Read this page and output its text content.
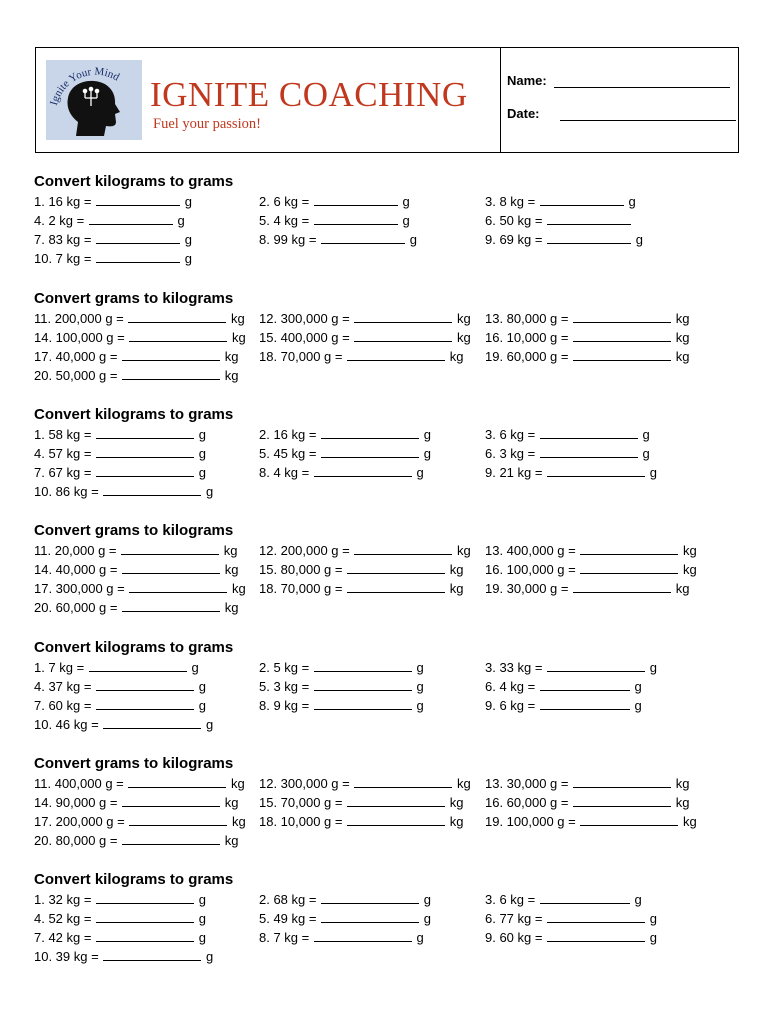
Ignite Your Mind IGNITE COACHING
Fuel your passion!
Name:
Date:
Convert kilograms to grams
1. 16 kg =	g	2. 6 kg =	g	3. 8 kg =	g
4. 2 kg =	g	5. 4 kg =	g	6. 50 kg =
7. 83 kg =	g	8. 99 kg =	g	9. 69 kg =	g
10. 7 kg =	g
Convert grams to kilograms
11. 200,000 g =	kg 12. 300,000 g =	kg 13. 80,000 g =	kg
14. 100,000 g =	kg 15. 400,000 g =	kg 16. 10,000 g =	kg
17. 40,000 g =	kg 18. 70,000 g =	kg 19. 60,000 g =	kg
20. 50,000 g =	kg
Convert kilograms to grams
1. 58 kg =	g	2. 16 kg =	g	3. 6 kg =	g
4. 57 kg =	g	5. 45 kg =	g	6. 3 kg =	g
7. 67 kg =	g	8. 4 kg =	g	9. 21 kg =	g
10. 86 kg =	g
Convert grams to kilograms
11. 20,000 g =	kg 12. 200,000 g =	kg 13. 400,000 g =	kg
14. 40,000 g =	kg 15. 80,000 g =	kg 16. 100,000 g =	kg
17. 300,000 g =	kg 18. 70,000 g =	kg 19. 30,000 g =	kg
20. 60,000 g =	kg
Convert kilograms to grams
1. 7 kg =	g	2. 5 kg =	g	3. 33 kg =	g
4. 37 kg =	g	5. 3 kg =	g	6. 4 kg =	g
7. 60 kg =	g	8. 9 kg =	g	9. 6 kg =	g
10. 46 kg =	g
Convert grams to kilograms
11. 400,000 g =	kg 12. 300,000 g =	kg 13. 30,000 g =	kg
14. 90,000 g =	kg 15. 70,000 g =	kg 16. 60,000 g =	kg
17. 200,000 g =	kg 18. 10,000 g =	kg 19. 100,000 g =	kg
20. 80,000 g =	kg
Convert kilograms to grams
1. 32 kg =	g	2. 68 kg =	g	3. 6 kg =	g
4. 52 kg =	g	5. 49 kg =	g	6. 77 kg =	g
7. 42 kg =	g	8. 7 kg =	g	9. 60 kg =	g
10. 39 kg =	g
